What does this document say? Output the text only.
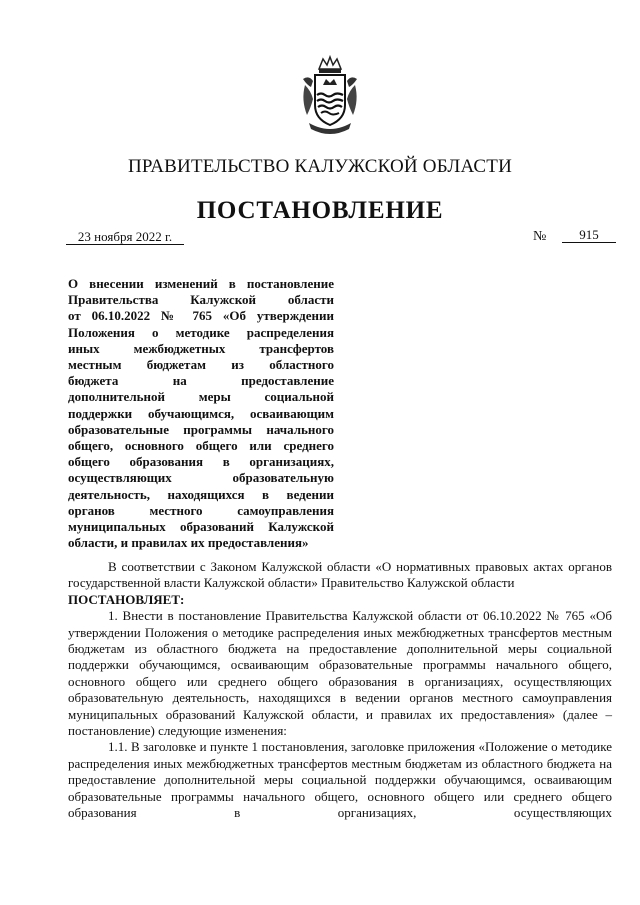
ПРАВИТЕЛЬСТВО КАЛУЖСКОЙ ОБЛАСТИ
ПОСТАНОВЛЕНИЕ
23 ноября 2022 г.	№	915
О внесении изменений в постановление
Правительства Калужской области
от 06.10.2022 № 765 «Об утверждении
Положения о методике распределения
иных межбюджетных трансфертов
местным бюджетам из областного
бюджета на предоставление
дополнительной меры социальной
поддержки обучающимся, осваивающим
образовательные программы начального
общего, основного общего или среднего
общего образования в организациях,
осуществляющих образовательную
деятельность, находящихся в ведении
органов местного самоуправления
муниципальных образований Калужской
области, и правилах их предоставления»

В соответствии с Законом Калужской области «О нормативных правовых актах органов государственной власти Калужской области» Правительство Калужской области

ПОСТАНОВЛЯЕТ:

1. Внести в постановление Правительства Калужской области от 06.10.2022 № 765 «Об утверждении Положения о методике распределения иных межбюджетных трансфертов местным бюджетам из областного бюджета на предоставление дополнительной меры социальной поддержки обучающимся, осваивающим образовательные программы начального общего, основного общего или среднего общего образования в организациях, осуществляющих образовательную деятельность, находящихся в ведении органов местного самоуправления муниципальных образований Калужской области, и правилах их предоставления» (далее – постановление) следующие изменения:

1.1. В заголовке и пункте 1 постановления, заголовке приложения «Положение о методике распределения иных межбюджетных трансфертов местным бюджетам из областного бюджета на предоставление дополнительной меры социальной поддержки обучающимся, осваивающим образовательные программы начального общего, основного общего или среднего общего образования в организациях, осуществляющих
